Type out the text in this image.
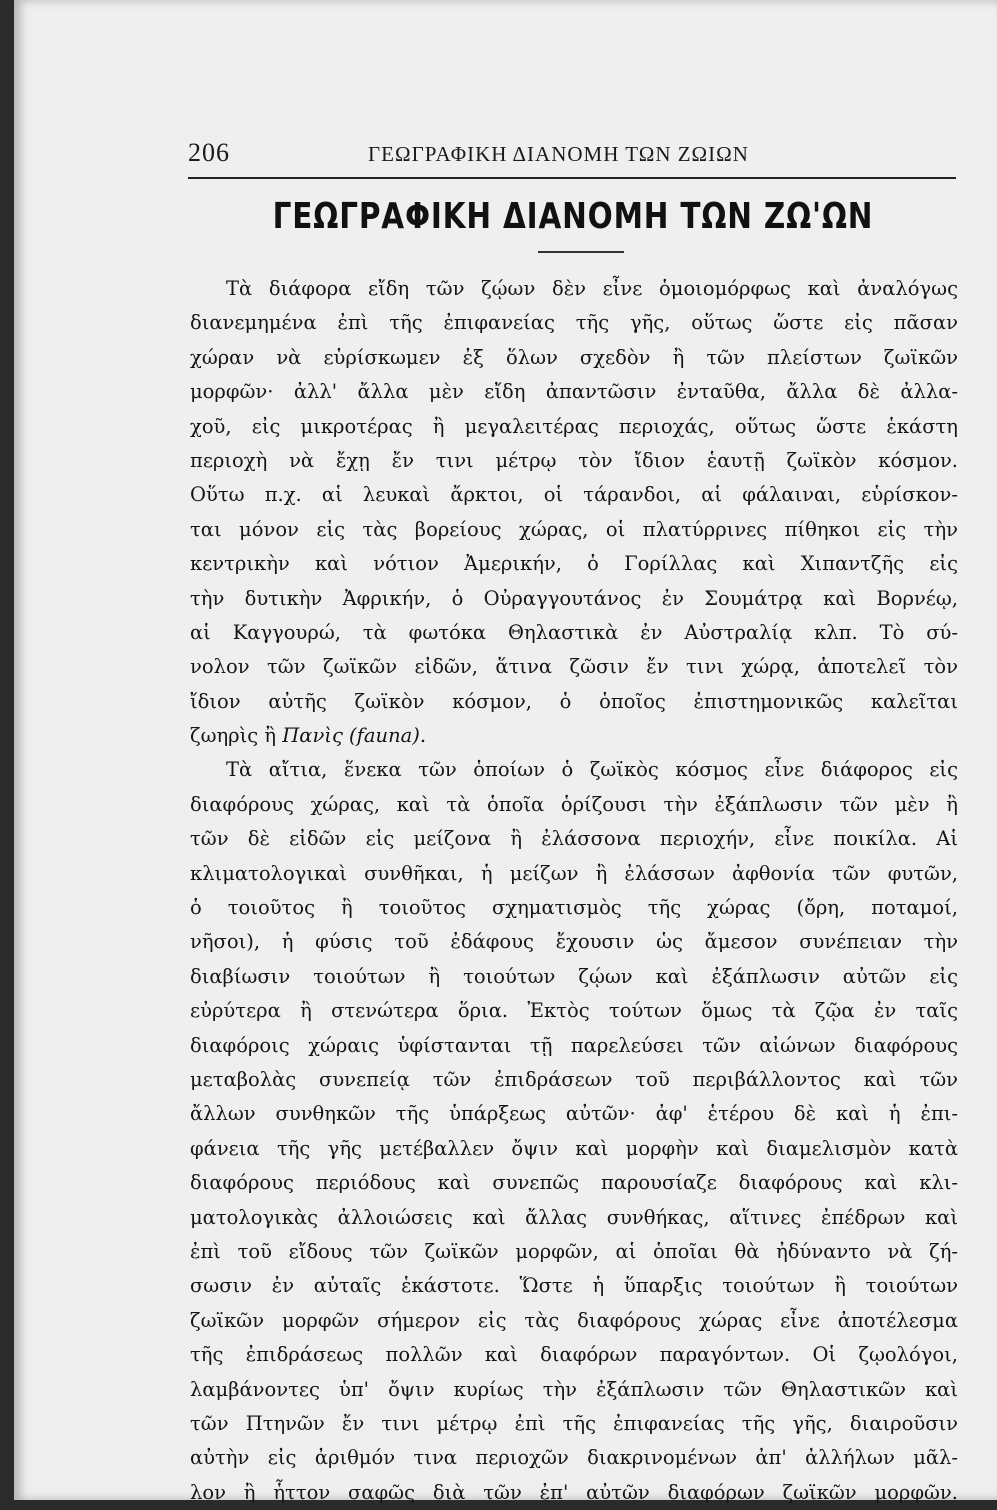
206	ΓΕΩΓΡΑΦΙΚΗ ΔΙΑΝΟΜΗ ΤΩΝ ΖΩΙΩΝ
ΓΕΩΓΡΑΦΙΚΗ ΔΙΑΝΟΜΗ ΤΩΝ ΖΩ'ΩΝ
Τὰ διάφορα εἴδη τῶν ζῴων δὲν εἶνε ὁμοιομόρφως καὶ ἀναλόγως
διανεμημένα ἐπὶ τῆς ἐπιφανείας τῆς γῆς, οὕτως ὥστε εἰς πᾶσαν
χώραν νὰ εὑρίσκωμεν ἐξ ὅλων σχεδὸν ἢ τῶν πλείστων ζωϊκῶν
μορφῶν· ἀλλ' ἄλλα μὲν εἴδη ἀπαντῶσιν ἐνταῦθα, ἄλλα δὲ ἀλλα-
χοῦ, εἰς μικροτέρας ἢ μεγαλειτέρας περιοχάς, οὕτως ὥστε ἑκάστη
περιοχὴ νὰ ἔχῃ ἔν τινι μέτρῳ τὸν ἴδιον ἑαυτῇ ζωϊκὸν κόσμον.
Οὕτω π.χ. αἱ λευκαὶ ἄρκτοι, οἱ τάρανδοι, αἱ φάλαιναι, εὑρίσκον-
ται μόνον εἰς τὰς βορείους χώρας, οἱ πλατύρρινες πίθηκοι εἰς τὴν
κεντρικὴν καὶ νότιον Ἀμερικήν, ὁ Γορίλλας καὶ Χιπαντζῆς εἰς
τὴν δυτικὴν Ἀφρικήν, ὁ Οὐραγγουτάνος ἐν Σουμάτρᾳ καὶ Βορνέῳ,
αἱ Καγγουρώ, τὰ φωτόκα Θηλαστικὰ ἐν Αὐστραλίᾳ κλπ. Τὸ σύ-
νολον τῶν ζωϊκῶν εἰδῶν, ἅτινα ζῶσιν ἔν τινι χώρᾳ, ἀποτελεῖ τὸν
ἴδιον αὐτῆς ζωϊκὸν κόσμον, ὁ ὁποῖος ἐπιστημονικῶς καλεῖται
ζωηρὶς ἢ Πανὶς (fauna).
Τὰ αἴτια, ἕνεκα τῶν ὁποίων ὁ ζωϊκὸς κόσμος εἶνε διάφορος εἰς
διαφόρους χώρας, καὶ τὰ ὁποῖα ὁρίζουσι τὴν ἐξάπλωσιν τῶν μὲν ἢ
τῶν δὲ εἰδῶν εἰς μείζονα ἢ ἐλάσσονα περιοχήν, εἶνε ποικίλα. Αἱ
κλιματολογικαὶ συνθῆκαι, ἡ μείζων ἢ ἐλάσσων ἀφθονία τῶν φυτῶν,
ὁ τοιοῦτος ἢ τοιοῦτος σχηματισμὸς τῆς χώρας (ὄρη, ποταμοί,
νῆσοι), ἡ φύσις τοῦ ἐδάφους ἔχουσιν ὡς ἄμεσον συνέπειαν τὴν
διαβίωσιν τοιούτων ἢ τοιούτων ζῴων καὶ ἐξάπλωσιν αὐτῶν εἰς
εὐρύτερα ἢ στενώτερα ὅρια. Ἐκτὸς τούτων ὅμως τὰ ζῷα ἐν ταῖς
διαφόροις χώραις ὑφίστανται τῇ παρελεύσει τῶν αἰώνων διαφόρους
μεταβολὰς συνεπείᾳ τῶν ἐπιδράσεων τοῦ περιβάλλοντος καὶ τῶν
ἄλλων συνθηκῶν τῆς ὑπάρξεως αὐτῶν· ἀφ' ἑτέρου δὲ καὶ ἡ ἐπι-
φάνεια τῆς γῆς μετέβαλλεν ὄψιν καὶ μορφὴν καὶ διαμελισμὸν κατὰ
διαφόρους περιόδους καὶ συνεπῶς παρουσίαζε διαφόρους καὶ κλι-
ματολογικὰς ἀλλοιώσεις καὶ ἄλλας συνθήκας, αἵτινες ἐπέδρων καὶ
ἐπὶ τοῦ εἴδους τῶν ζωϊκῶν μορφῶν, αἱ ὁποῖαι θὰ ἠδύναντο νὰ ζή-
σωσιν ἐν αὐταῖς ἑκάστοτε. Ὥστε ἡ ὕπαρξις τοιούτων ἢ τοιούτων
ζωϊκῶν μορφῶν σήμερον εἰς τὰς διαφόρους χώρας εἶνε ἀποτέλεσμα
τῆς ἐπιδράσεως πολλῶν καὶ διαφόρων παραγόντων. Οἱ ζῳολόγοι,
λαμβάνοντες ὑπ' ὄψιν κυρίως τὴν ἐξάπλωσιν τῶν Θηλαστικῶν καὶ
τῶν Πτηνῶν ἔν τινι μέτρῳ ἐπὶ τῆς ἐπιφανείας τῆς γῆς, διαιροῦσιν
αὐτὴν εἰς ἀριθμόν τινα περιοχῶν διακρινομένων ἀπ' ἀλλήλων μᾶλ-
λον ἢ ἧττον σαφῶς διὰ τῶν ἐπ' αὐτῶν διαφόρων ζωϊκῶν μορφῶν.
